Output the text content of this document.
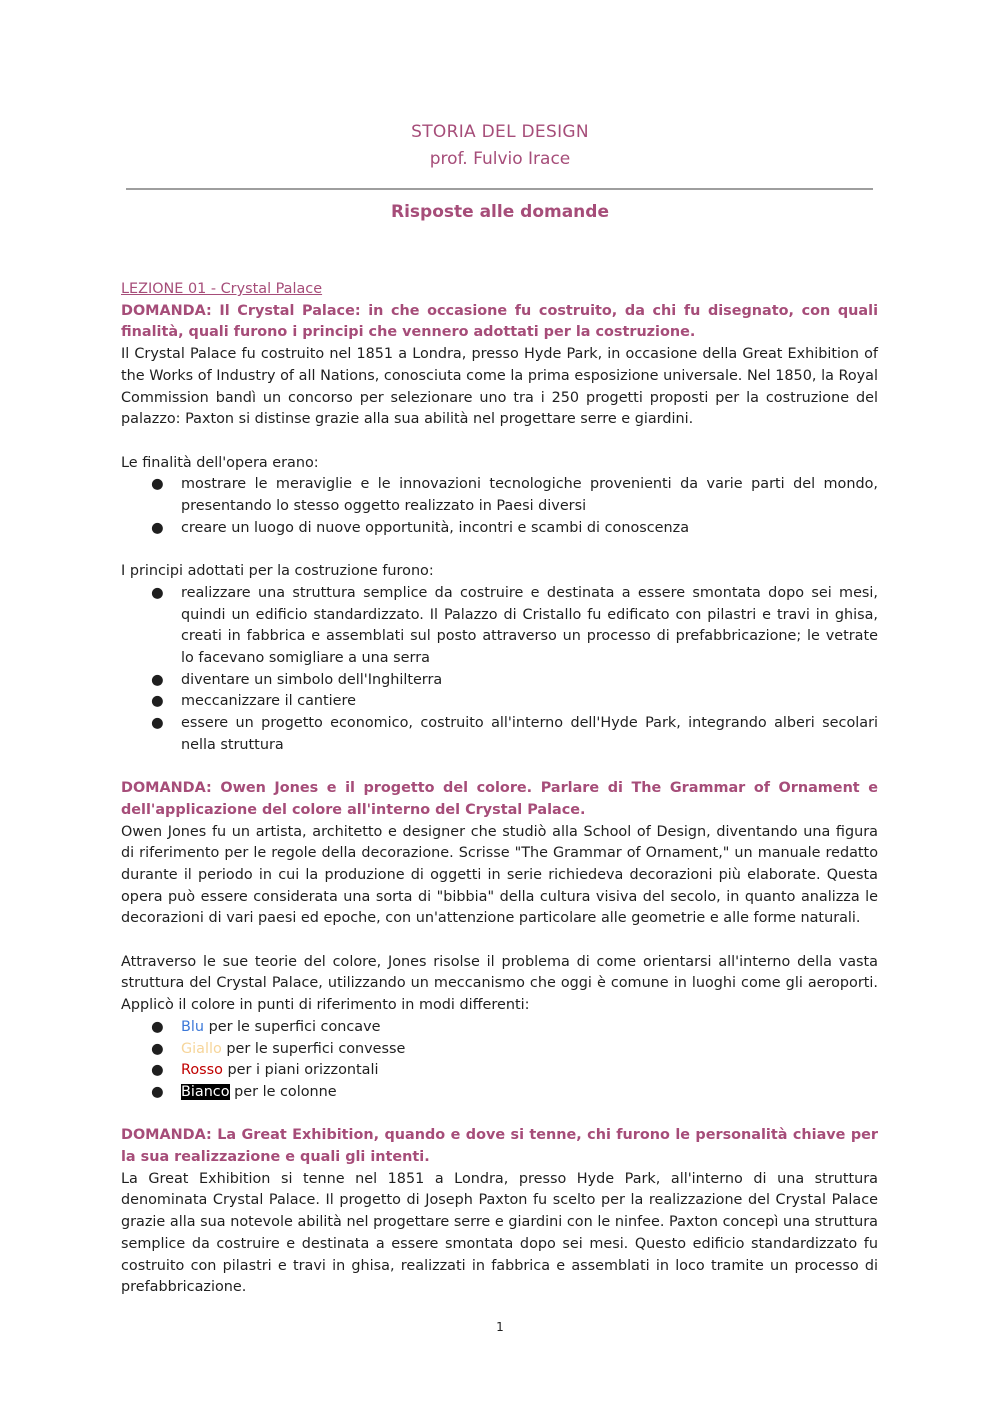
STORIA DEL DESIGN
prof. Fulvio Irace
Risposte alle domande

LEZIONE 01 - Crystal Palace

DOMANDA: Il Crystal Palace: in che occasione fu costruito, da chi fu disegnato, con quali finalità, quali furono i principi che vennero adottati per la costruzione.

Il Crystal Palace fu costruito nel 1851 a Londra, presso Hyde Park, in occasione della Great Exhibition of the Works of Industry of all Nations, conosciuta come la prima esposizione universale. Nel 1850, la Royal Commission bandì un concorso per selezionare uno tra i 250 progetti proposti per la costruzione del palazzo: Paxton si distinse grazie alla sua abilità nel progettare serre e giardini.

Le finalità dell'opera erano:

● mostrare le meraviglie e le innovazioni tecnologiche provenienti da varie parti del mondo, presentando lo stesso oggetto realizzato in Paesi diversi
● creare un luogo di nuove opportunità, incontri e scambi di conoscenza

I principi adottati per la costruzione furono:

● realizzare una struttura semplice da costruire e destinata a essere smontata dopo sei mesi, quindi un edificio standardizzato. Il Palazzo di Cristallo fu edificato con pilastri e travi in ghisa, creati in fabbrica e assemblati sul posto attraverso un processo di prefabbricazione; le vetrate lo facevano somigliare a una serra
● diventare un simbolo dell'Inghilterra
● meccanizzare il cantiere
● essere un progetto economico, costruito all'interno dell'Hyde Park, integrando alberi secolari nella struttura

DOMANDA: Owen Jones e il progetto del colore. Parlare di The Grammar of Ornament e dell'applicazione del colore all'interno del Crystal Palace.

Owen Jones fu un artista, architetto e designer che studiò alla School of Design, diventando una figura di riferimento per le regole della decorazione. Scrisse "The Grammar of Ornament," un manuale redatto durante il periodo in cui la produzione di oggetti in serie richiedeva decorazioni più elaborate. Questa opera può essere considerata una sorta di "bibbia" della cultura visiva del secolo, in quanto analizza le decorazioni di vari paesi ed epoche, con un'attenzione particolare alle geometrie e alle forme naturali.

Attraverso le sue teorie del colore, Jones risolse il problema di come orientarsi all'interno della vasta struttura del Crystal Palace, utilizzando un meccanismo che oggi è comune in luoghi come gli aeroporti. Applicò il colore in punti di riferimento in modi differenti:

● Blu per le superfici concave
● Giallo per le superfici convesse
● Rosso per i piani orizzontali
● Bianco per le colonne

DOMANDA: La Great Exhibition, quando e dove si tenne, chi furono le personalità chiave per la sua realizzazione e quali gli intenti.

La Great Exhibition si tenne nel 1851 a Londra, presso Hyde Park, all'interno di una struttura denominata Crystal Palace. Il progetto di Joseph Paxton fu scelto per la realizzazione del Crystal Palace grazie alla sua notevole abilità nel progettare serre e giardini con le ninfee. Paxton concepì una struttura semplice da costruire e destinata a essere smontata dopo sei mesi. Questo edificio standardizzato fu costruito con pilastri e travi in ghisa, realizzati in fabbrica e assemblati in loco tramite un processo di prefabbricazione.

1
